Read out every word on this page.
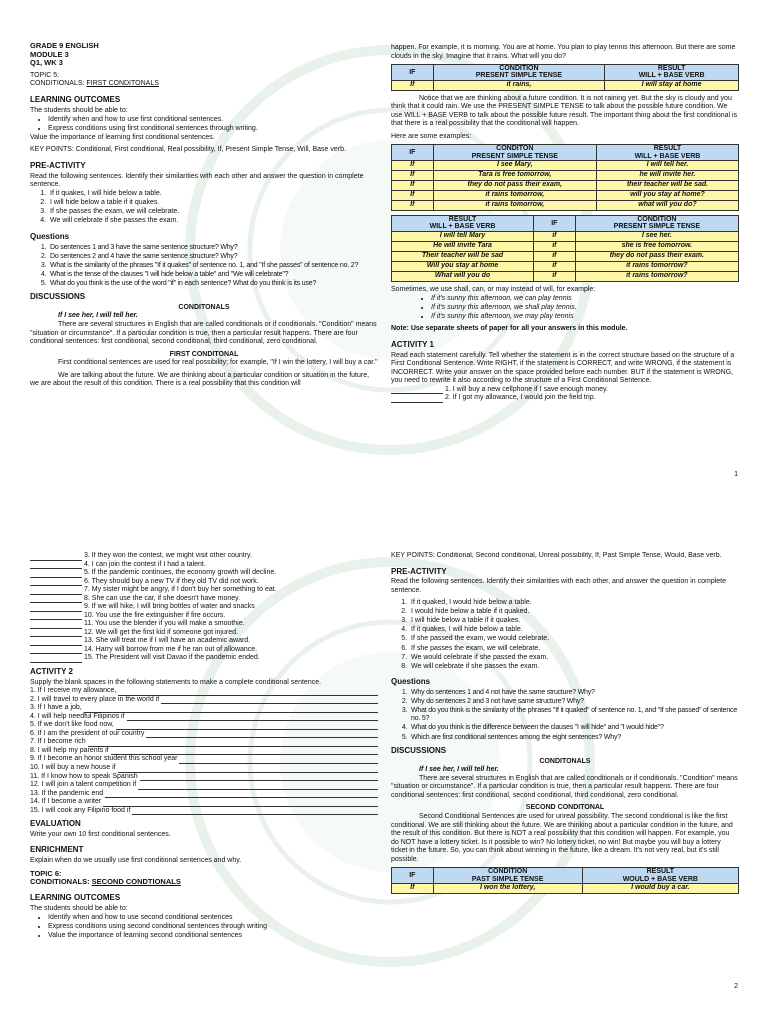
GRADE 9 ENGLISH
MODULE 3
Q1, WK 3
TOPIC 5:
CONDITIONALS: FIRST CONDITONALS
LEARNING OUTCOMES
The students should be able to:
• Identify when and how to use first conditional sentences.
• Express conditions using first conditional sentences through writing.
Value the importance of learning first conditional sentences.
KEY POINTS: Conditional, First conditional, Real possibility, If, Present Simple Tense, Will, Base verb.
PRE-ACTIVITY
Read the following sentences. Identify their similarities with each other and answer the question in complete sentence.
1. If it quakes, I will hide below a table.
2. I will hide below a table if it quakes.
3. If she passes the exam, we will celebrate.
4. We will celebrate if she passes the exam.
Questions
1. Do sentences 1 and 3 have the same sentence structure? Why?
2. Do sentences 2 and 4 have the same sentence structure? Why?
3. What is the similarity of the phrases "If it quakes" of sentence no. 1, and "If she passes" of sentence no. 2?
4. What is the tense of the clauses "I will hide below a table" and "We will celebrate"?
5. What do you think is the use of the word "if" in each sentence? What do you think is its use?
DISCUSSIONS
CONDITONALS
If I see her, I will tell her.
There are several structures in English that are called conditionals or if conditionals. "Condition" means "situation or circumstance". If a particular condition is true, then a particular result happens. There are four conditional sentences: first conditional, second conditional, third conditional, zero conditional.
FIRST CONDITONAL
First conditional sentences are used for real possibility; for example, "If I win the lottery, I will buy a car."
We are talking about the future. We are thinking about a particular condition or situation in the future, we are about the result of this condition. There is a real possibility that this condition will
happen. For example, it is morning. You are at home. You plan to play tennis this afternoon. But there are some clouds in the sky. Imagine that it rains. What will you do?
IF	CONDITION
PRESENT SIMPLE TENSE	RESULT
WILL + BASE VERB
If	it rains,	I will stay at home
Notice that we are thinking about a future condition. It is not raining yet. But the sky is cloudy and you think that it could rain. We use the PRESENT SIMPLE TENSE to talk about the possible future condition. We use WILL + BASE VERB to talk about the possible future result. The important thing about the first conditional is that there is a real possibility that the conditional will happen.
Here are some examples:
IF	CONDITON
PRESENT SIMPLE TENSE	RESULT
WILL + BASE VERB
If	I see Mary,	I will tell her.
If	Tara is free tomorrow,	he will invite her.
If	they do not pass their exam,	their teacher will be sad.
If	it rains tomorrow,	will you stay at home?
If	it rains tomorrow,	what will you do?
RESULT
WILL + BASE VERB	IF	CONDITION
PRESENT SIMPLE TENSE
I will tell Mary	if	I see her.
He will invite Tara	if	she is free tomorrow.
Their teacher will be sad	if	they do not pass their exam.
Will you stay at home	if	it rains tomorrow?
What will you do	if	it rains tomorrow?
Sometimes, we use shall, can, or may instead of will, for example:
• If it's sunny this afternoon, we can play tennis
• If it's sunny this afternoon, we shall play tennis.
• If it's sunny this afternoon, we may play tennis
Note: Use separate sheets of paper for all your answers in this module.
ACTIVITY 1
Read each statement carefully. Tell whether the statement is in the correct structure based on the structure of a First Conditional Sentence. Write RIGHT, if the statement is CORRECT, and write WRONG, if the statement is INCORRECT. Write your answer on the space provided before each number. BUT if the statement is WRONG, you need to rewrite it also according to the structure of a First Conditional Sentence.
1. I will buy a new cellphone if I save enough money.
2. If I got my allowance, I would join the field trip.
1
3. If they won the contest, we might visit other country.
4. I can join the contest if I had a talent.
5. If the pandemic continues, the economy growth will decline.
6. They should buy a new TV if they old TV did not work.
7. My sister might be angry, if I don't buy her something to eat.
8. She can use the car, if she doesn't have money.
9. If we will hike, I will bring bottles of water and snacks
10. You use the fire extinguisher if fire occurs.
11. You use the blender if you will make a smoothie.
12. We will get the first kid if someone got injured.
13. She will treat me if I will have an academic award.
14. Harry will borrow from me if he ran out of allowance.
15. The President will visit Davao if the pandemic ended.
ACTIVITY 2
Supply the blank spaces in the following statements to make a complete conditional sentence.
1. If I receive my allowance,
2. I will travel to every place in the world if
3. If I have a job,
4. I will help needful Filipinos if
5. If we don't like food now,
6. If I am the president of our country
7. If I become rich
8. I will help my parents if
9. If I become an honor student this school year
10. I will buy a new house if
11. If I know how to speak Spanish
12. I will join a talent competition if
13. If the pandemic end
14. If I become a writer
15. I will cook any Filipino food if
EVALUATION
Write your own 10 first conditional sentences.
ENRICHMENT
Explain when do we usually use first conditional sentences and why.
TOPIC 6:
CONDITIONALS: SECOND CONDTIONALS
LEARNING OUTCOMES
The students should be able to:
• Identify when and how to use second conditional sentences
• Express conditions using second conditional sentences through writing
• Value the importance of learning second conditional sentences
KEY POINTS: Conditional, Second conditional, Unreal possibility, If, Past Simple Tense, Would, Base verb.
PRE-ACTIVITY
Read the following sentences. Identify their similarities with each other, and answer the question in complete sentence.
1. If it quaked, I would hide below a table.
2. I would hide below a table if it quaked.
3. I will hide below a table if it quakes.
4. If it quakes, I will hide below a table.
5. If she passed the exam, we would celebrate.
6. If she passes the exam, we will celebrate.
7. We would celebrate if she passed the exam.
8. We will celebrate if she passes the exam.
Questions
1. Why do sentences 1 and 4 not have the same structure? Why?
2. Why do sentences 2 and 3 not have same structure? Why?
3. What do you think is the similarity of the phrases "If it quaked" of sentence no. 1, and "If she passed" of sentence no. 5?
4. What do you think is the difference between the clauses "I will hide" and "I would hide"?
5. Which are first conditional sentences among the eight sentences? Why?
DISCUSSIONS
CONDITONALS
If I see her, I will tell her.
There are several structures in English that are called conditionals or if conditionals. "Condition" means "situation or circumstance". If a particular condition is true, then a particular result happens. There are four conditional sentences: first conditional, second conditional, third conditional, zero conditional.
SECOND CONDITONAL
Second Conditional Sentences are used for unreal possibility. The second conditional is like the first conditional. We are still thinking about the future. We are thinking about a particular condition in the future, and the result of this condition. But there is NOT a real possibility that this condition will happen. For example, you do NOT have a lottery ticket. Is it possible to win? No lottery ticket, no win! But maybe you will buy a lottery ticket in the future. So, you can think about winning in the future, like a dream. It's not very real, but it's still possible.
IF	CONDITION
PAST SIMPLE TENSE	RESULT
WOULD + BASE VERB
If	I won the lottery,	I would buy a car.
2
